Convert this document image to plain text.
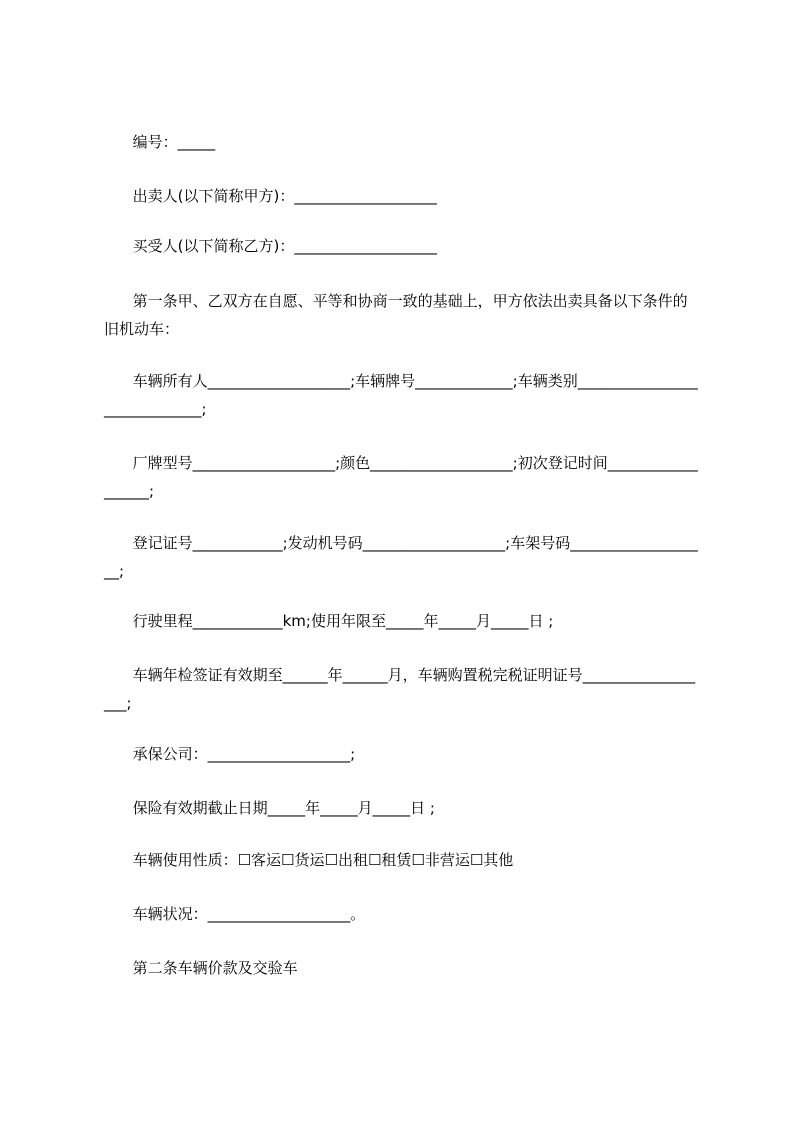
编号：_____
出卖人(以下简称甲方)：___________________
买受人(以下简称乙方)：___________________
第一条甲、乙双方在自愿、平等和协商一致的基础上，甲方依法出卖具备以下条件的旧机动车：
车辆所有人___________________;车辆牌号_____________;车辆类别_____________________________;
厂牌型号___________________;颜色___________________;初次登记时间__________________;
登记证号____________;发动机号码___________________;车架号码___________________;
行驶里程____________km;使用年限至_____年_____月_____日 ;
车辆年检签证有效期至______年______月，车辆购置税完税证明证号__________________;
承保公司：___________________;
保险有效期截止日期_____年_____月_____日 ;
车辆使用性质：☐客运☐货运☐出租☐租赁☐非营运☐其他
车辆状况：___________________。
第二条车辆价款及交验车
